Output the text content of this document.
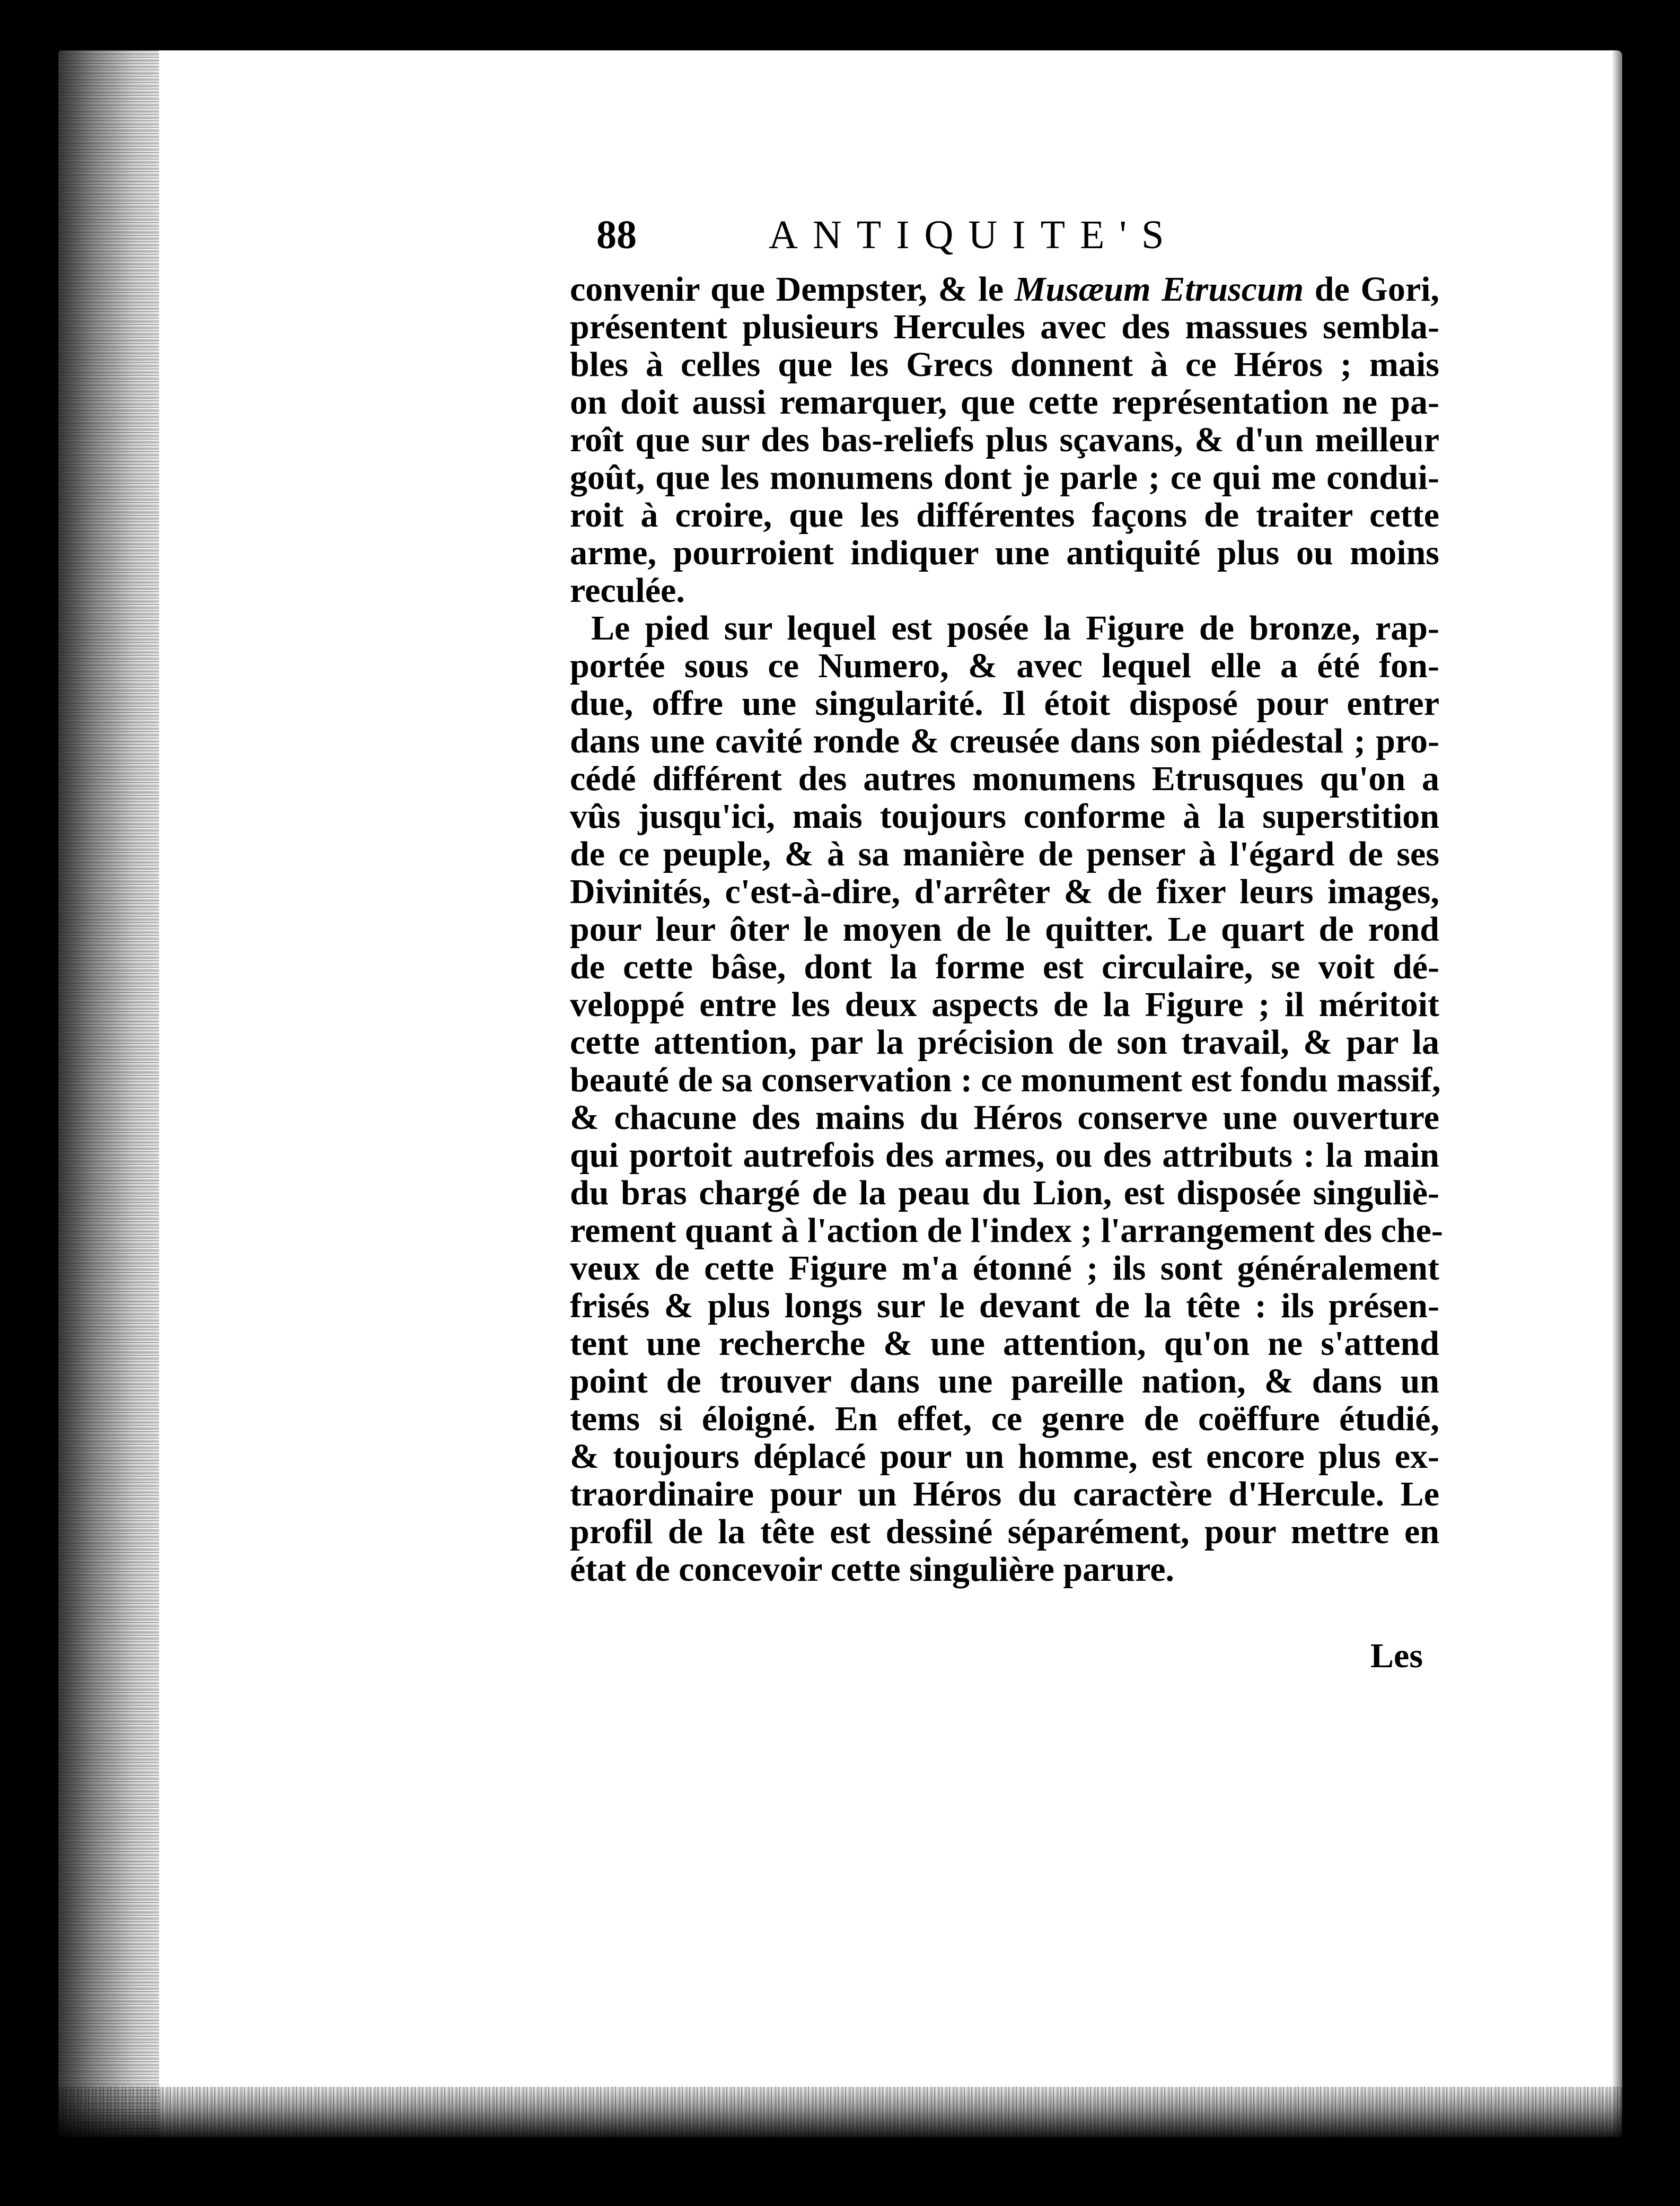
88	ANTIQUITE'S
convenir que Dempster, & le Musæum Etruscum de Gori,
présentent plusieurs Hercules avec des massues sembla-
bles à celles que les Grecs donnent à ce Héros ; mais
on doit aussi remarquer, que cette représentation ne pa-
roît que sur des bas-reliefs plus sçavans, & d'un meilleur
goût, que les monumens dont je parle ; ce qui me condui-
roit à croire, que les différentes façons de traiter cette
arme, pourroient indiquer une antiquité plus ou moins
reculée.
Le pied sur lequel est posée la Figure de bronze, rap-
portée sous ce Numero, & avec lequel elle a été fon-
due, offre une singularité. Il étoit disposé pour entrer
dans une cavité ronde & creusée dans son piédestal ; pro-
cédé différent des autres monumens Etrusques qu'on a
vûs jusqu'ici, mais toujours conforme à la superstition
de ce peuple, & à sa manière de penser à l'égard de ses
Divinités, c'est-à-dire, d'arrêter & de fixer leurs images,
pour leur ôter le moyen de le quitter. Le quart de rond
de cette bâse, dont la forme est circulaire, se voit dé-
veloppé entre les deux aspects de la Figure ; il méritoit
cette attention, par la précision de son travail, & par la
beauté de sa conservation : ce monument est fondu massif,
& chacune des mains du Héros conserve une ouverture
qui portoit autrefois des armes, ou des attributs : la main
du bras chargé de la peau du Lion, est disposée singuliè-
rement quant à l'action de l'index ; l'arrangement des che-
veux de cette Figure m'a étonné ; ils sont généralement
frisés & plus longs sur le devant de la tête : ils présen-
tent une recherche & une attention, qu'on ne s'attend
point de trouver dans une pareille nation, & dans un
tems si éloigné. En effet, ce genre de coëffure étudié,
& toujours déplacé pour un homme, est encore plus ex-
traordinaire pour un Héros du caractère d'Hercule. Le
profil de la tête est dessiné séparément, pour mettre en
état de concevoir cette singulière parure.
Les
